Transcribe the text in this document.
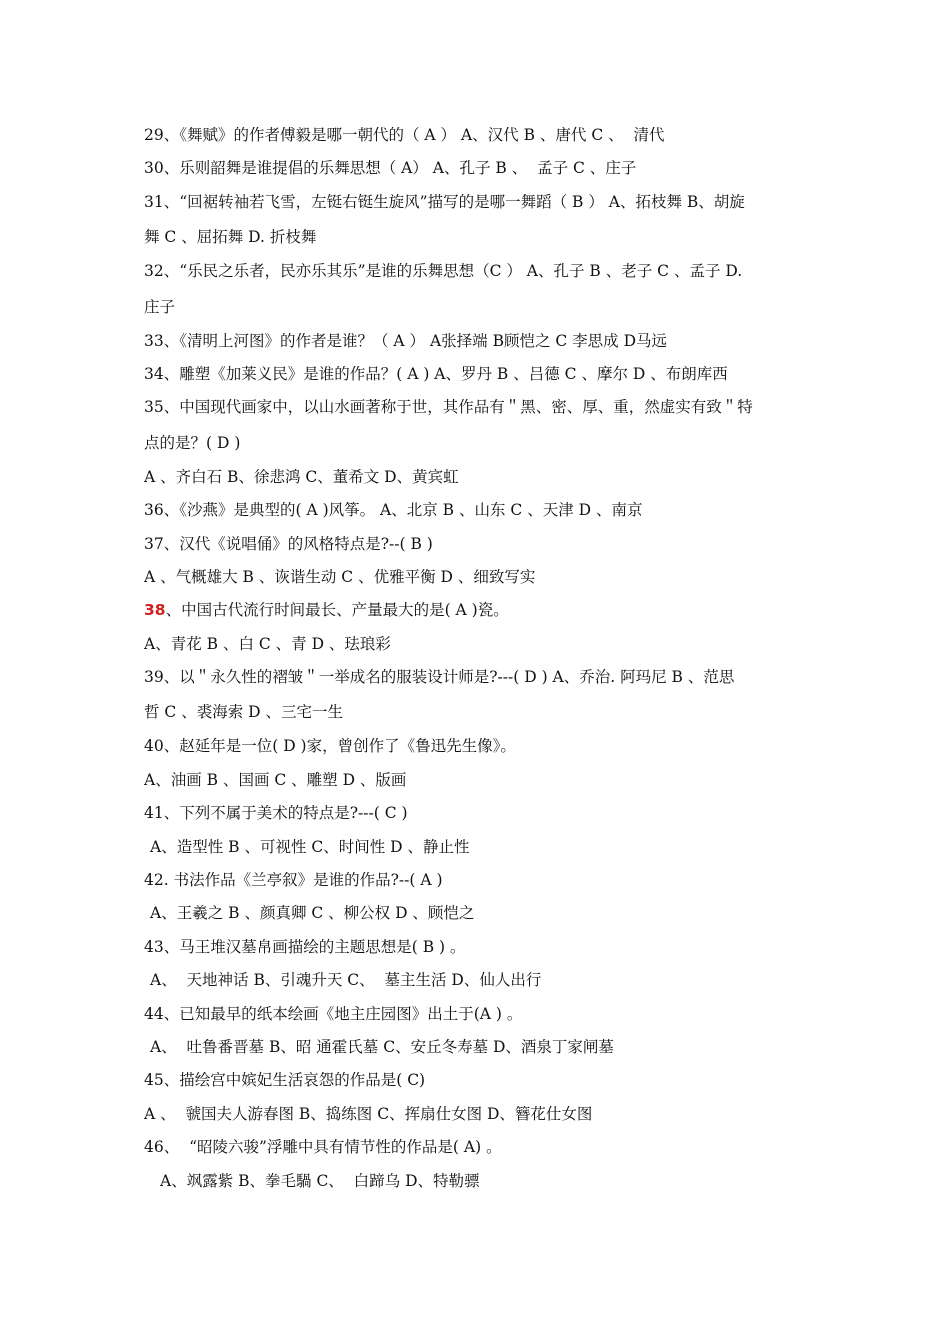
29、《舞赋》的作者傅毅是哪一朝代的（ A ） A、汉代 B 、唐代 C 、  清代
30、乐则韶舞是谁提倡的乐舞思想（ A） A、孔子 B 、  孟子 C 、庄子
31、“回裾转袖若飞雪，左铤右铤生旋风”描写的是哪一舞蹈（ B ） A、拓枝舞 B、胡旋
舞 C 、屈拓舞 D. 折枝舞
32、“乐民之乐者，民亦乐其乐”是谁的乐舞思想（C ） A、孔子 B 、老子 C 、孟子 D.
庄子
33、《清明上河图》的作者是谁？（ A ） A张择端 B顾恺之 C 李思成 D马远
34、雕塑《加莱义民》是谁的作品？( A ) A、罗丹 B 、吕德 C 、摩尔 D 、布朗库西
35、中国现代画家中，以山水画著称于世，其作品有＂黑、密、厚、重，然虚实有致＂特
点的是？( D )
A 、齐白石 B、徐悲鸿 C、董希文 D、黄宾虹
36、《沙燕》是典型的( A )风筝。 A、北京 B 、山东 C 、天津 D 、南京
37、汉代《说唱俑》的风格特点是?--( B )
A 、气概雄大 B 、诙谐生动 C 、优雅平衡 D 、细致写实
38、中国古代流行时间最长、产量最大的是( A )瓷。
A、青花 B 、白 C 、青 D 、珐琅彩
39、以＂永久性的褶皱＂一举成名的服装设计师是?---( D ) A、乔治. 阿玛尼 B 、范思
哲 C 、裘海索 D 、三宅一生
40、赵延年是一位( D )家，曾创作了《鲁迅先生像》。
A、油画 B 、国画 C 、雕塑 D 、版画
41、下列不属于美术的特点是?---( C )
A、造型性 B 、可视性 C、时间性 D 、静止性
42. 书法作品《兰亭叙》是谁的作品?--( A )
A、王羲之 B 、颜真卿 C 、柳公权 D 、顾恺之
43、马王堆汉墓帛画描绘的主题思想是( B ) 。
A、  天地神话 B、引魂升天 C、  墓主生活 D、仙人出行
44、已知最早的纸本绘画《地主庄园图》出土于(A ) 。
A、  吐鲁番晋墓 B、昭 通霍氏墓 C、安丘冬寿墓 D、酒泉丁家闸墓
45、描绘宫中嫔妃生活哀怨的作品是( C)
A 、  虢国夫人游春图 B、捣练图 C、挥扇仕女图 D、簪花仕女图
46、  “昭陵六骏”浮雕中具有情节性的作品是( A) 。
A、飒露紫 B、拳毛騧 C、  白蹄乌 D、特勒骠
